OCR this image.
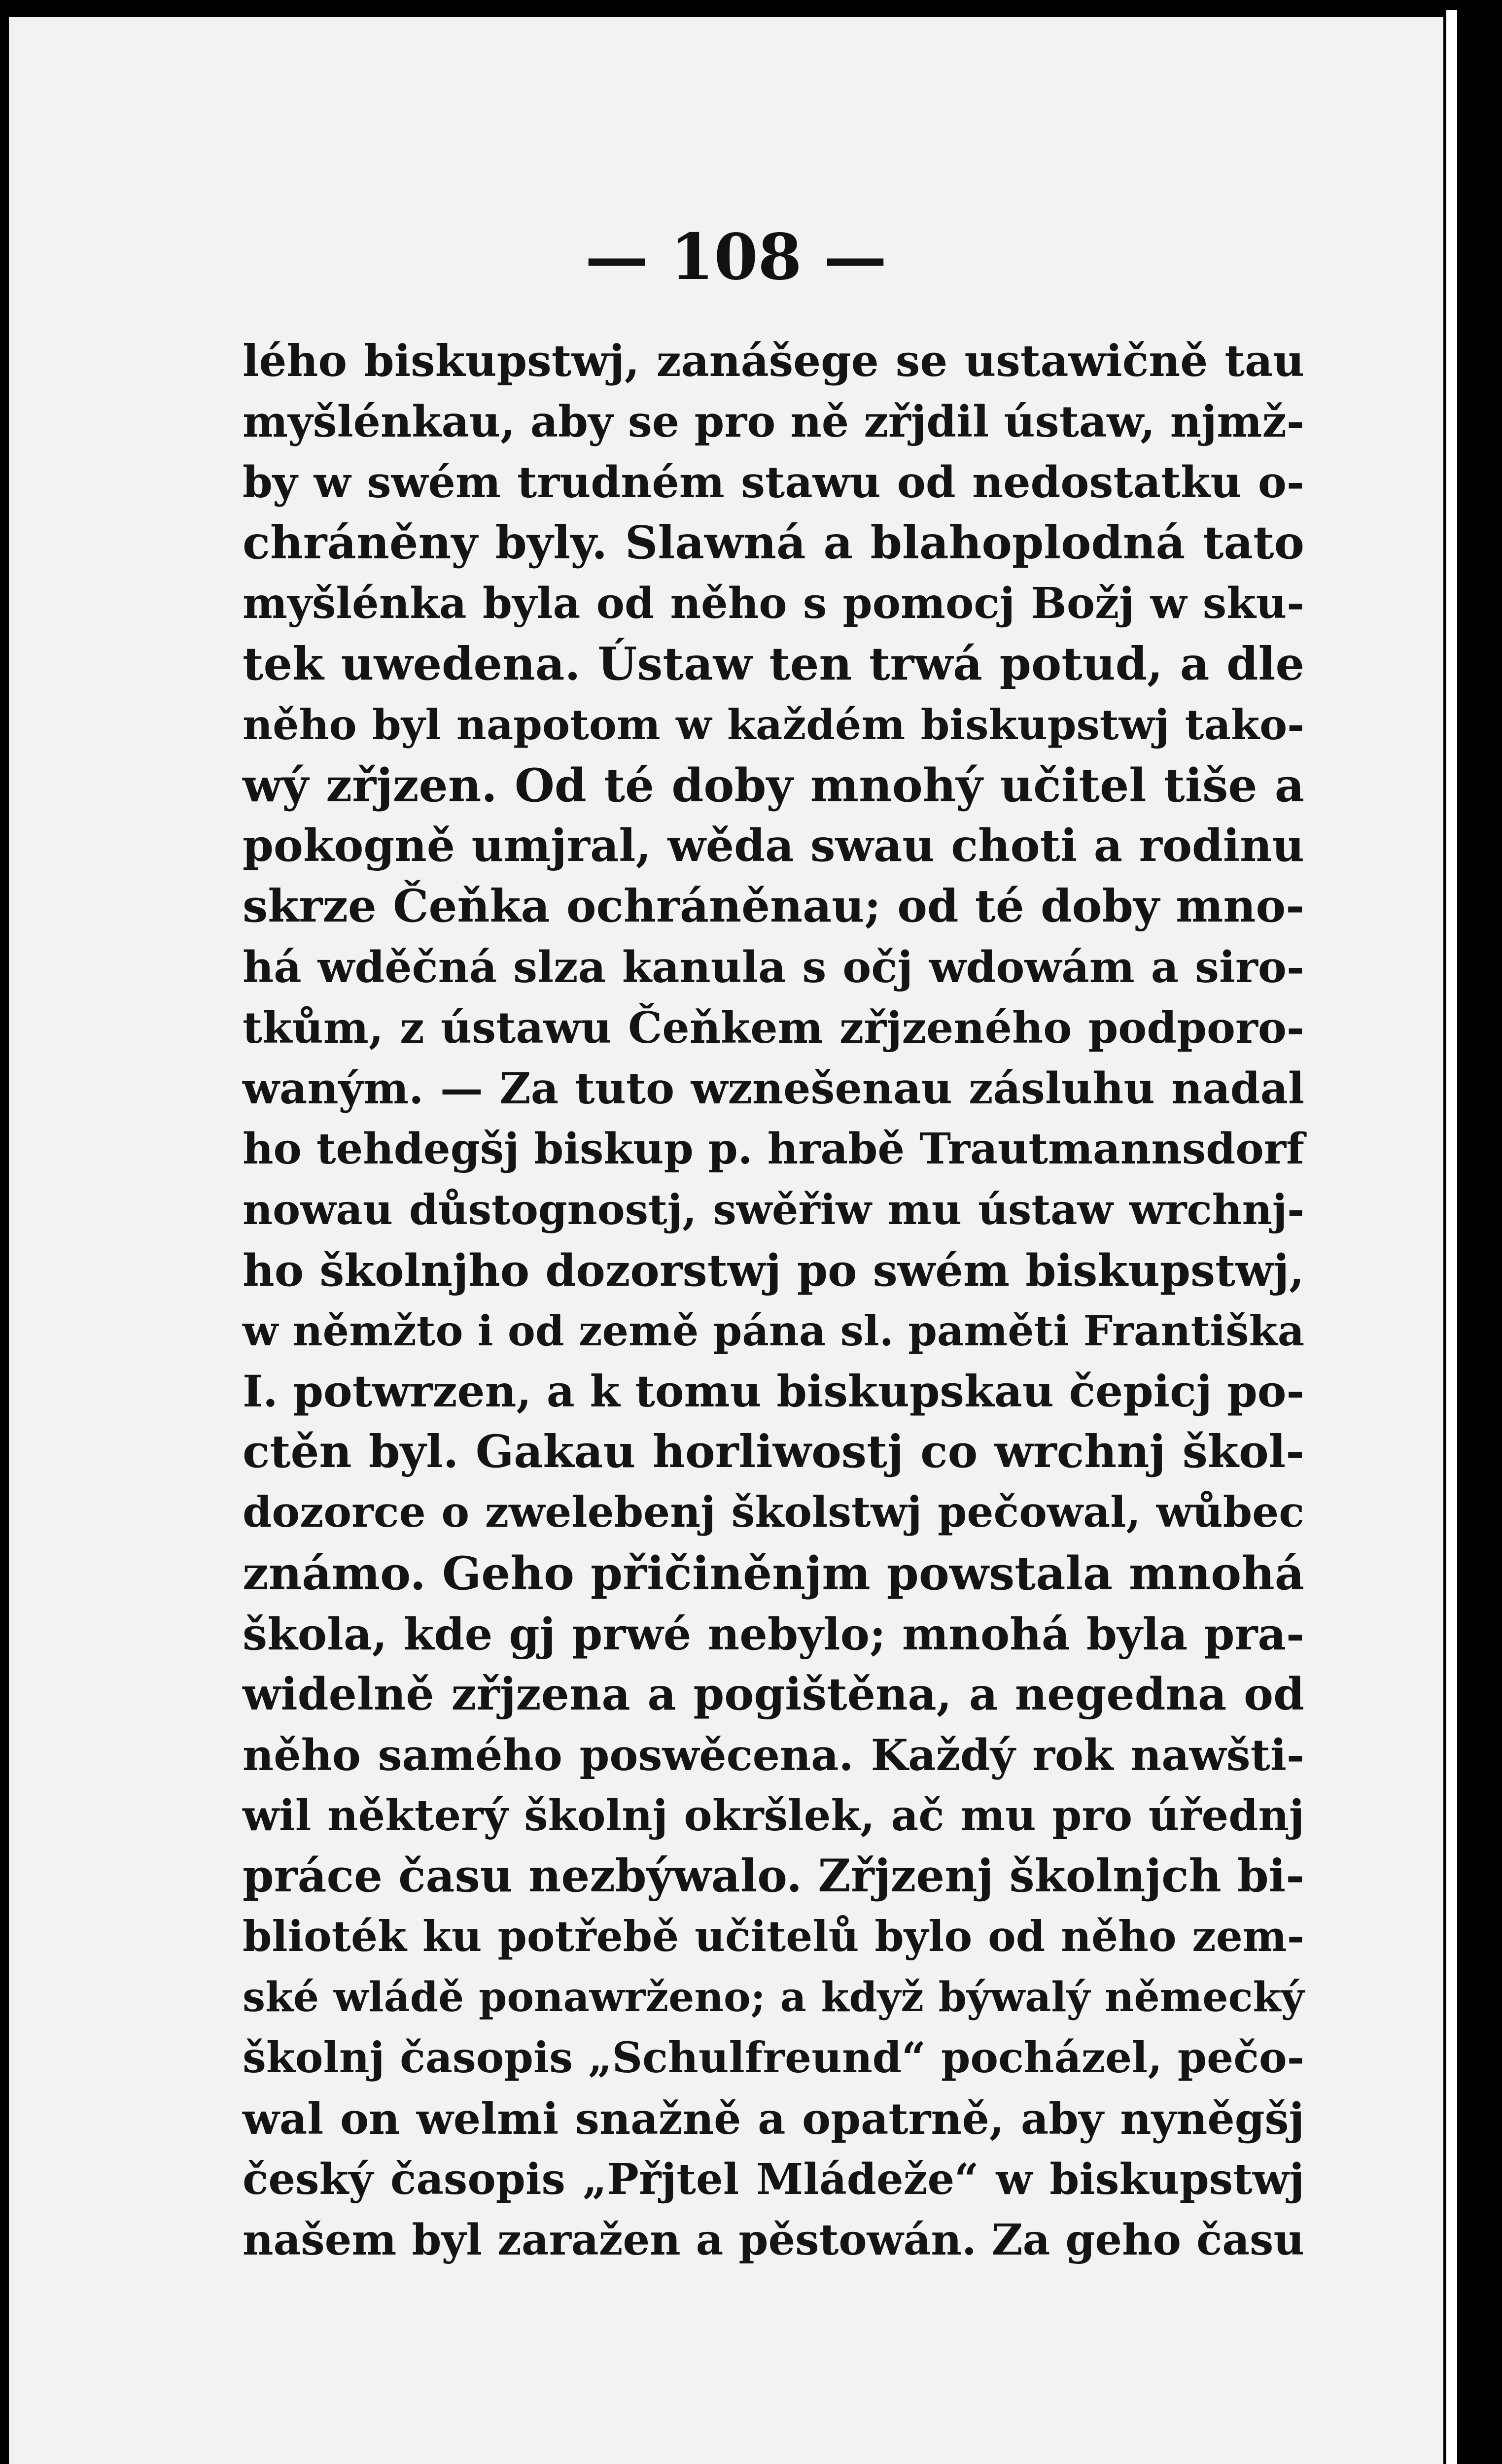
— 108 —
lého biskupstwj, zanášege se ustawičně tau
myšlénkau, aby se pro ně zřjdil ústaw, njmž-
by w swém trudném stawu od nedostatku o-
chráněny byly. Slawná a blahoplodná tato
myšlénka byla od něho s pomocj Božj w sku-
tek uwedena. Ústaw ten trwá potud, a dle
něho byl napotom w každém biskupstwj tako-
wý zřjzen. Od té doby mnohý učitel tiše a
pokogně umjral, wěda swau choti a rodinu
skrze Čeňka ochráněnau; od té doby mno-
há wděčná slza kanula s očj wdowám a siro-
tkům, z ústawu Čeňkem zřjzeného podporo-
waným. — Za tuto wznešenau zásluhu nadal
ho tehdegšj biskup p. hrabě Trautmannsdorf
nowau důstognostj, swěřiw mu ústaw wrchnj-
ho školnjho dozorstwj po swém biskupstwj,
w němžto i od země pána sl. paměti Františka
I. potwrzen, a k tomu biskupskau čepicj po-
ctěn byl. Gakau horliwostj co wrchnj škol-
dozorce o zwelebenj školstwj pečowal, wůbec
známo. Geho přičiněnjm powstala mnohá
škola, kde gj prwé nebylo; mnohá byla pra-
widelně zřjzena a pogištěna, a negedna od
něho samého poswěcena. Každý rok nawšti-
wil některý školnj okršlek, ač mu pro úřednj
práce času nezbýwalo. Zřjzenj školnjch bi-
blioték ku potřebě učitelů bylo od něho zem-
ské wládě ponawrženo; a když býwalý německý
školnj časopis „Schulfreund“ pocházel, pečo-
wal on welmi snažně a opatrně, aby nyněgšj
český časopis „Přjtel Mládeže“ w biskupstwj
našem byl zaražen a pěstowán. Za geho času
